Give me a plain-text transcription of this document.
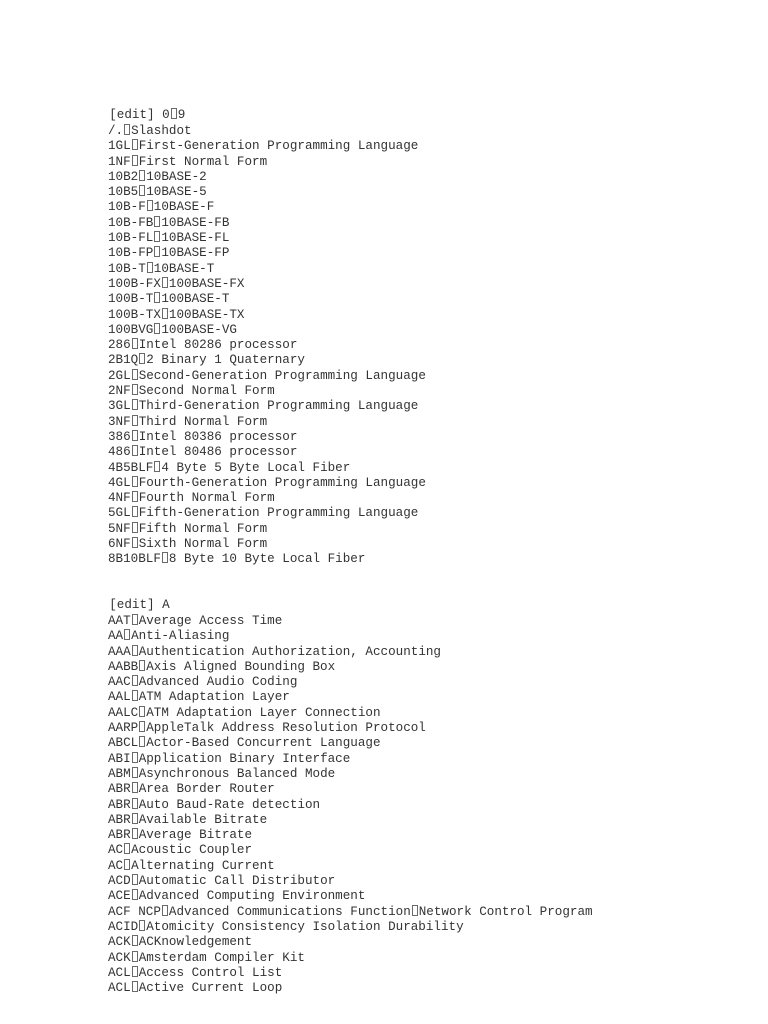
[edit] 0 9

/. Slashdot
1GL First-Generation Programming Language
1NF First Normal Form
10B2 10BASE-2
10B5 10BASE-5
10B-F 10BASE-F
10B-FB 10BASE-FB
10B-FL 10BASE-FL
10B-FP 10BASE-FP
10B-T 10BASE-T
100B-FX 100BASE-FX
100B-T 100BASE-T
100B-TX 100BASE-TX
100BVG 100BASE-VG
286 Intel 80286 processor
2B1Q 2 Binary 1 Quaternary
2GL Second-Generation Programming Language
2NF Second Normal Form
3GL Third-Generation Programming Language
3NF Third Normal Form
386 Intel 80386 processor
486 Intel 80486 processor
4B5BLF 4 Byte 5 Byte Local Fiber
4GL Fourth-Generation Programming Language
4NF Fourth Normal Form
5GL Fifth-Generation Programming Language
5NF Fifth Normal Form
6NF Sixth Normal Form
8B10BLF 8 Byte 10 Byte Local Fiber

[edit] A

AAT Average Access Time
AA Anti-Aliasing
AAA Authentication Authorization, Accounting
AABB Axis Aligned Bounding Box
AAC Advanced Audio Coding
AAL ATM Adaptation Layer
AALC ATM Adaptation Layer Connection
AARP AppleTalk Address Resolution Protocol
ABCL Actor-Based Concurrent Language
ABI Application Binary Interface
ABM Asynchronous Balanced Mode
ABR Area Border Router
ABR Auto Baud-Rate detection
ABR Available Bitrate
ABR Average Bitrate
AC Acoustic Coupler
AC Alternating Current
ACD Automatic Call Distributor
ACE Advanced Computing Environment
ACF NCP Advanced Communications Function Network Control Program
ACID Atomicity Consistency Isolation Durability
ACK ACKnowledgement
ACK Amsterdam Compiler Kit
ACL Access Control List
ACL Active Current Loop
